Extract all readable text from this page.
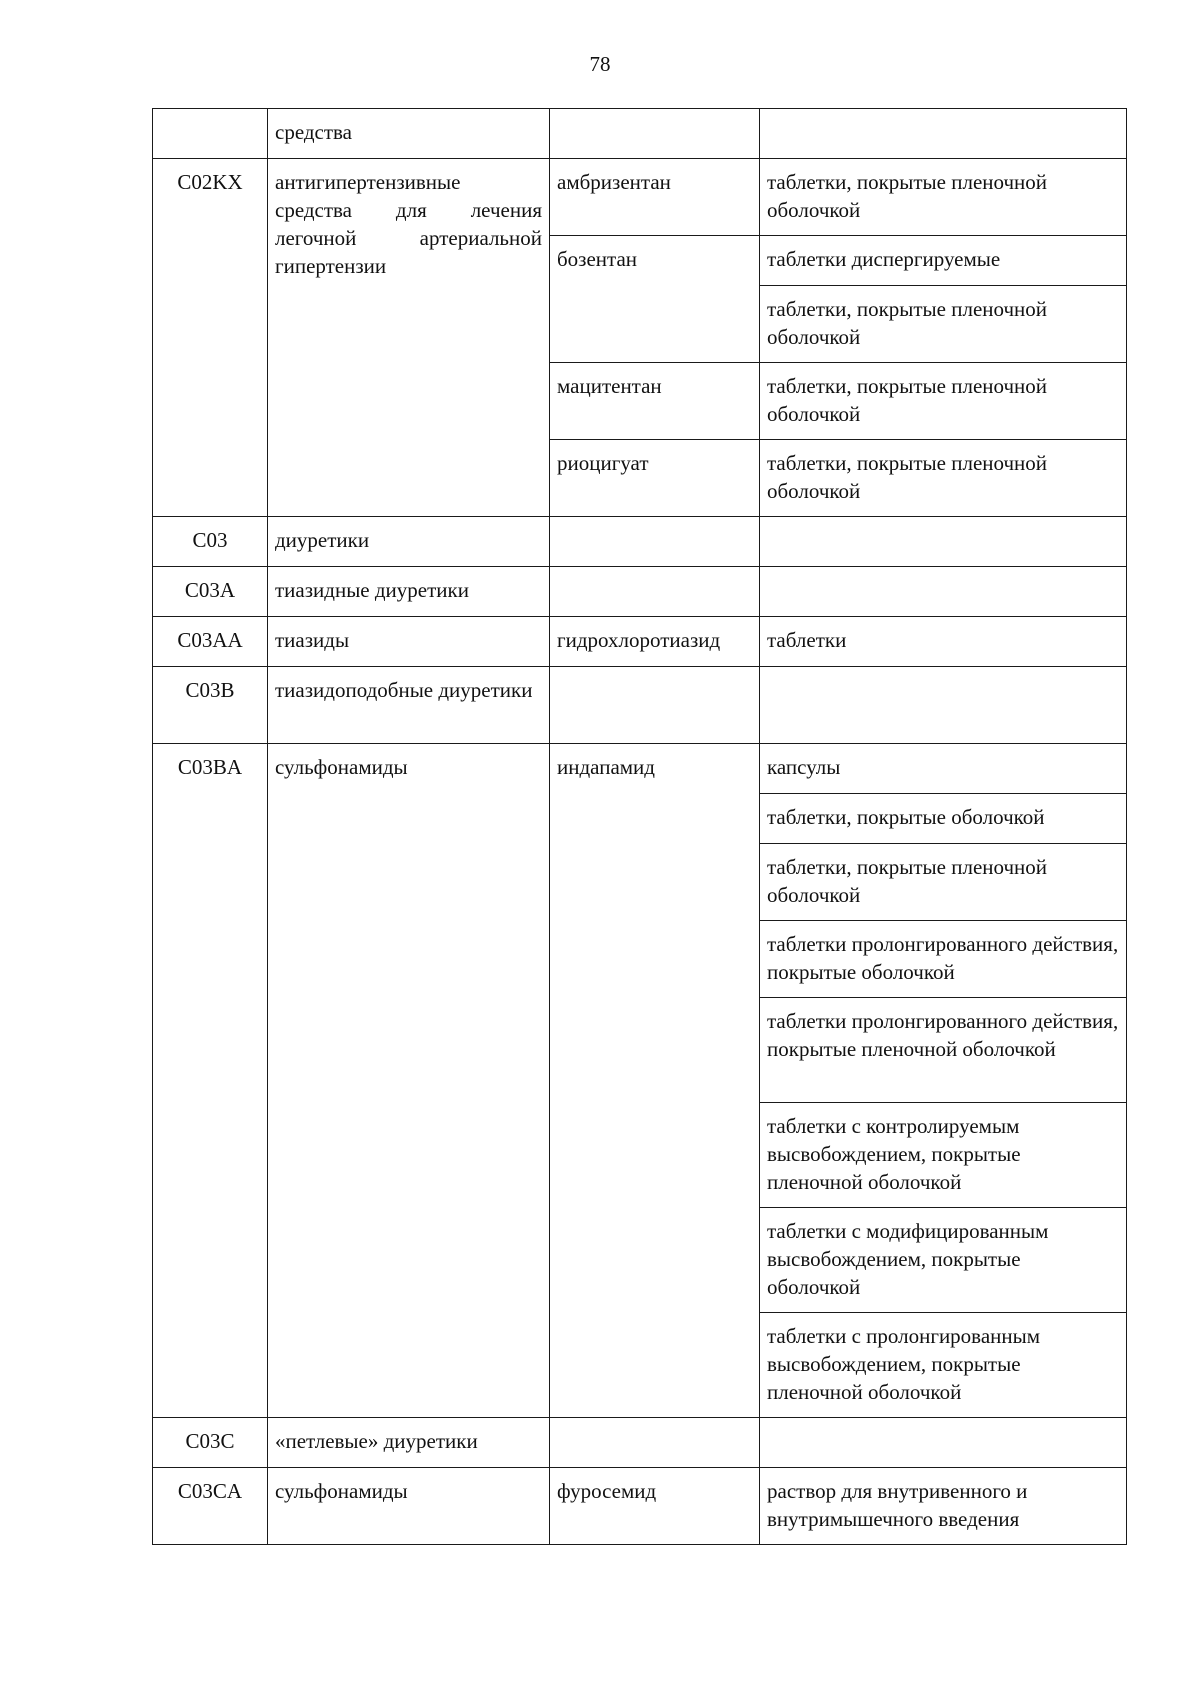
78

	средства		

C02KX	антигипертензивные средства для лечения легочной артериальной гипертензии	амбризентан	таблетки, покрытые пленочной оболочкой

		бозентан	таблетки диспергируемые

			таблетки, покрытые пленочной оболочкой

		мацитентан	таблетки, покрытые пленочной оболочкой

		риоцигуат	таблетки, покрытые пленочной оболочкой

C03	диуретики		

C03A	тиазидные диуретики		

C03AA	тиазиды	гидрохлоротиазид	таблетки

C03B	тиазидоподобные диуретики		

C03BA	сульфонамиды	индапамид	капсулы

			таблетки, покрытые оболочкой

			таблетки, покрытые пленочной оболочкой

			таблетки пролонгированного действия, покрытые оболочкой

			таблетки пролонгированного действия, покрытые пленочной оболочкой

			таблетки с контролируемым высвобождением, покрытые пленочной оболочкой

			таблетки с модифицированным высвобождением, покрытые оболочкой

			таблетки с пролонгированным высвобождением, покрытые пленочной оболочкой

C03C	«петлевые» диуретики		

C03CA	сульфонамиды	фуросемид	раствор для внутривенного и внутримышечного введения
